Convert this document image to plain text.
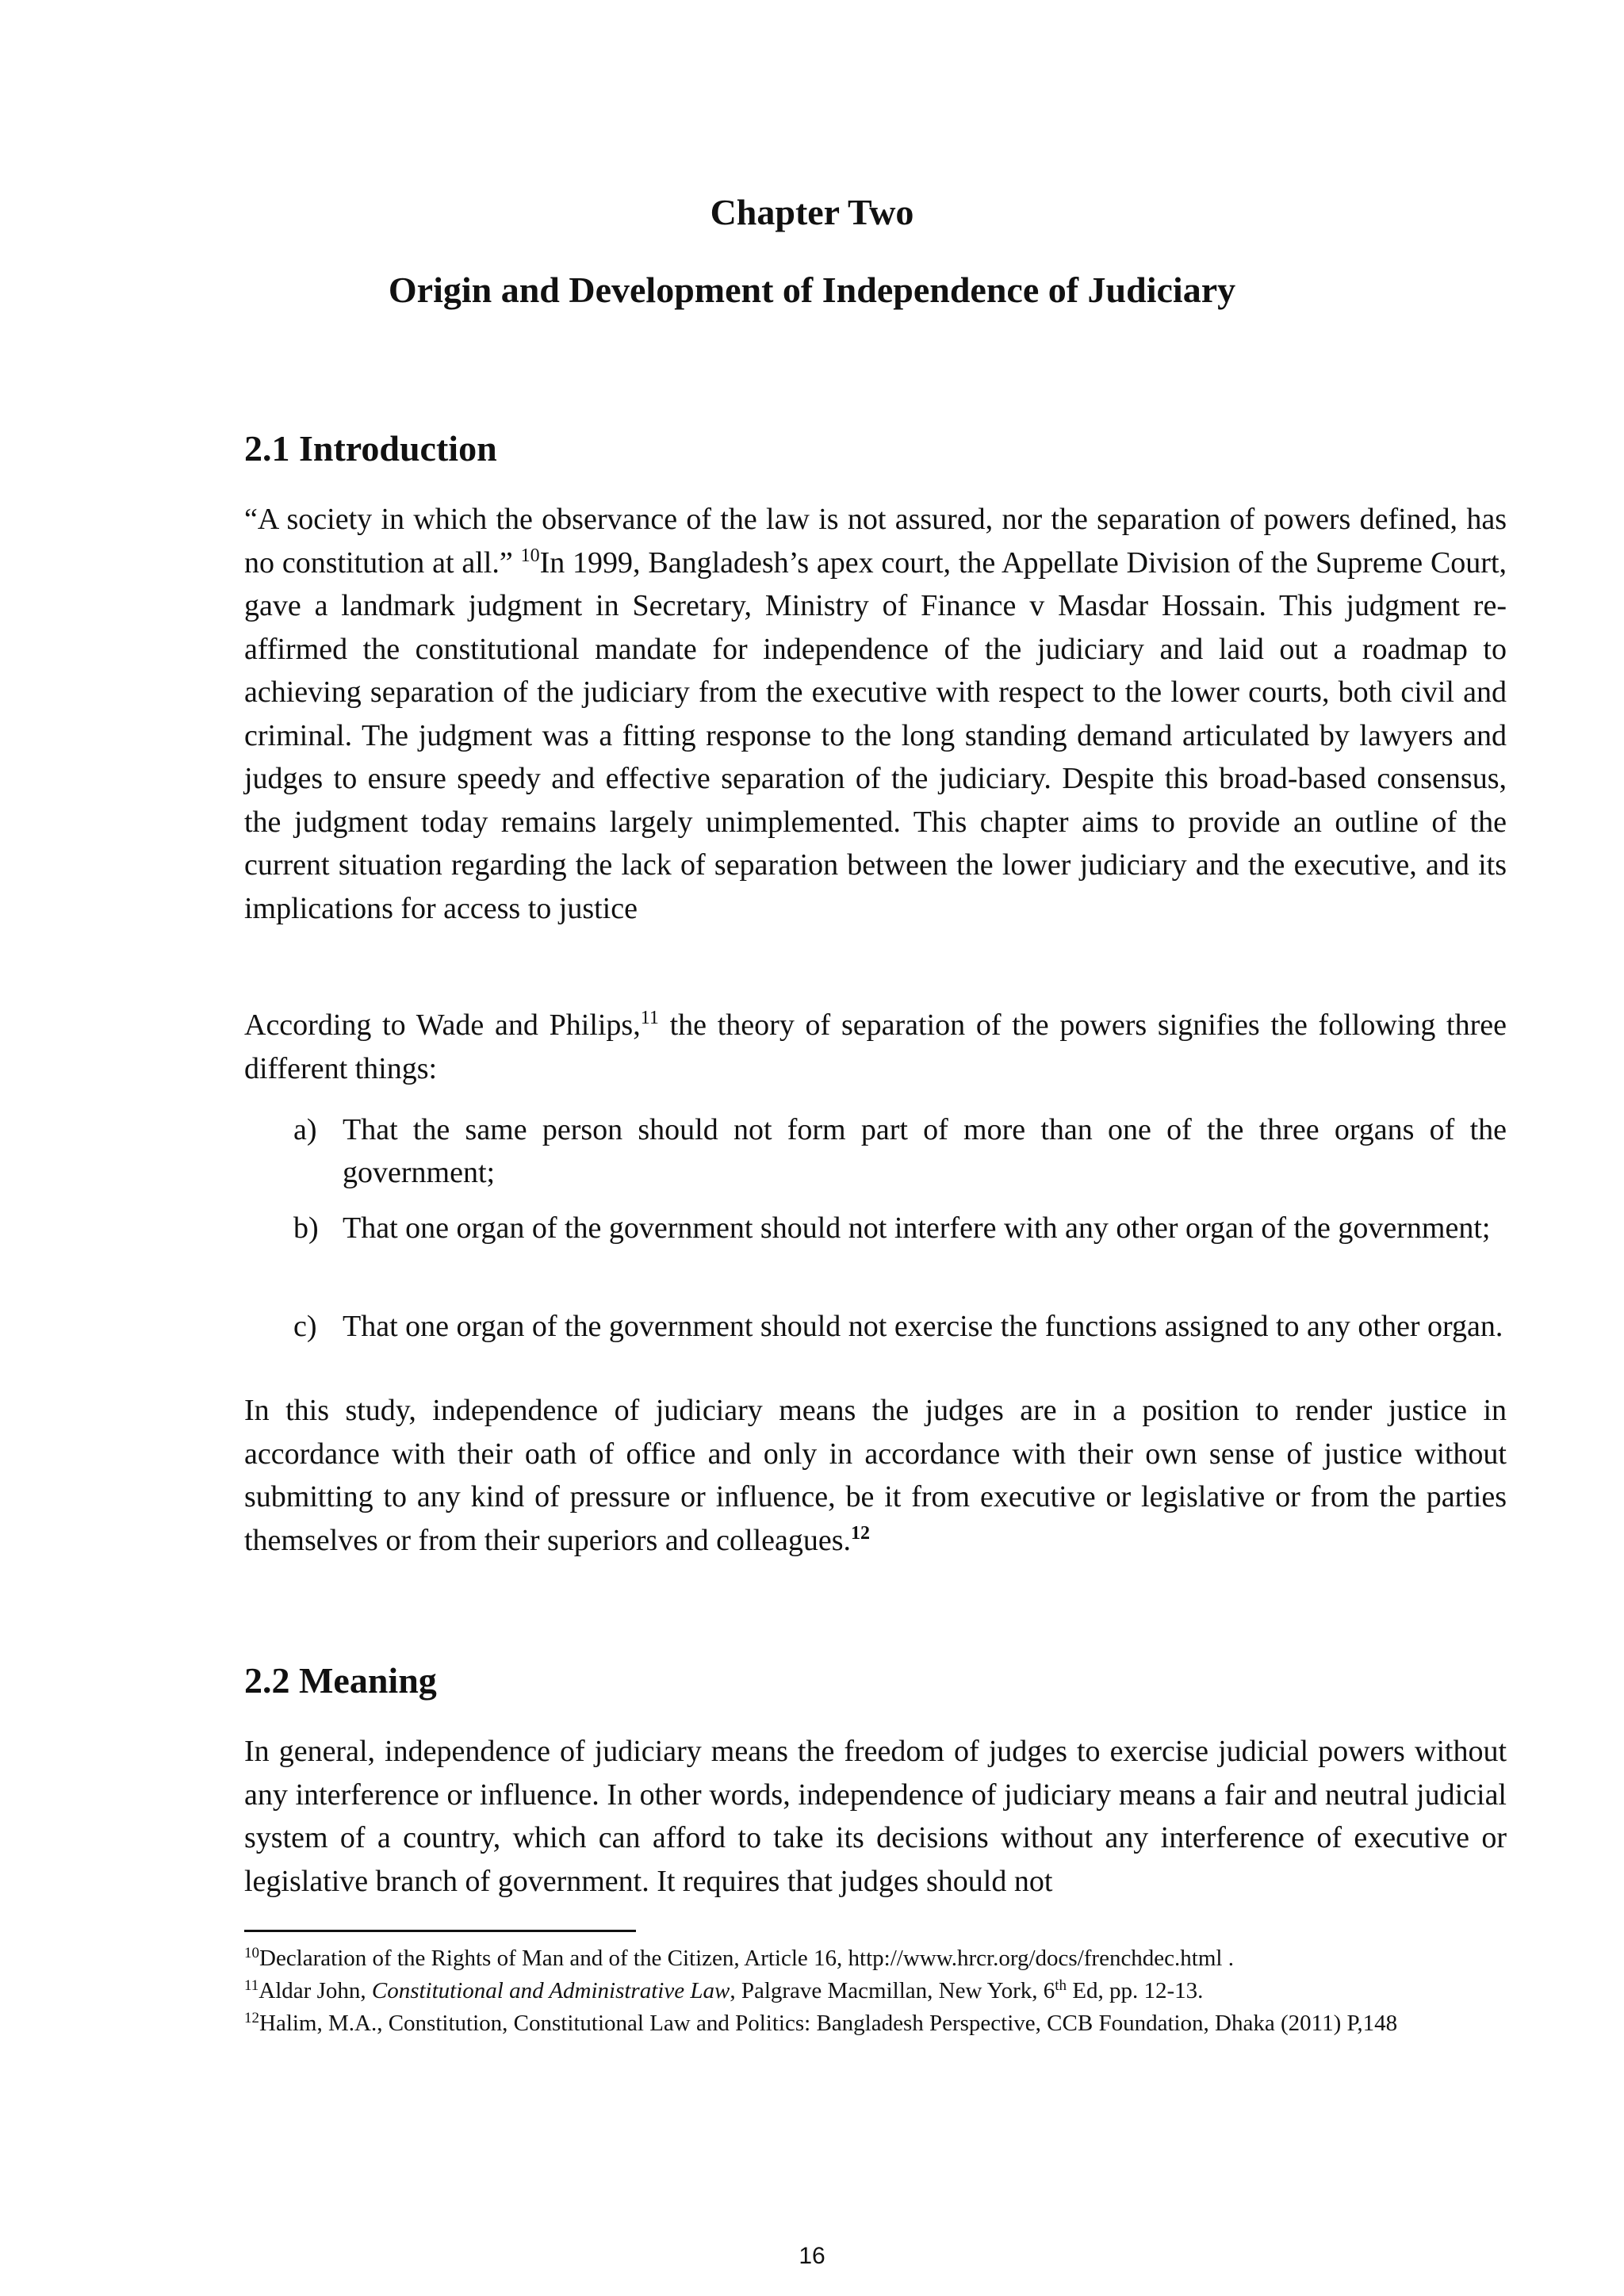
Chapter Two
Origin and Development of Independence of Judiciary
2.1 Introduction

“A society in which the observance of the law is not assured, nor the separation of powers defined, has no constitution at all.” $^{10}$In 1999, Bangladesh’s apex court, the Appellate Division of the Supreme Court, gave a landmark judgment in Secretary, Ministry of Finance v Masdar Hossain. This judgment re-affirmed the constitutional mandate for independence of the judiciary and laid out a roadmap to achieving separation of the judiciary from the executive with respect to the lower courts, both civil and criminal. The judgment was a fitting response to the long standing demand articulated by lawyers and judges to ensure speedy and effective separation of the judiciary. Despite this broad-based consensus, the judgment today remains largely unimplemented. This chapter aims to provide an outline of the current situation regarding the lack of separation between the lower judiciary and the executive, and its implications for access to justice

According to Wade and Philips,$^{11}$ the theory of separation of the powers signifies the following three different things:

a) That the same person should not form part of more than one of the three organs of the government;
b) That one organ of the government should not interfere with any other organ of the government;
c) That one organ of the government should not exercise the functions assigned to any other organ.

In this study, independence of judiciary means the judges are in a position to render justice in accordance with their oath of office and only in accordance with their own sense of justice without submitting to any kind of pressure or influence, be it from executive or legislative or from the parties themselves or from their superiors and colleagues.$^{12}$

2.2 Meaning

In general, independence of judiciary means the freedom of judges to exercise judicial powers without any interference or influence. In other words, independence of judiciary means a fair and neutral judicial system of a country, which can afford to take its decisions without any interference of executive or legislative branch of government. It requires that judges should not

$^{10}$Declaration of the Rights of Man and of the Citizen, Article 16, http://www.hrcr.org/docs/frenchdec.html .

$^{11}$Aldar John, Constitutional and Administrative Law, Palgrave Macmillan, New York, 6th Ed, pp. 12-13.

$^{12}$Halim, M.A., Constitution, Constitutional Law and Politics: Bangladesh Perspective, CCB Foundation, Dhaka (2011) P,148

16
